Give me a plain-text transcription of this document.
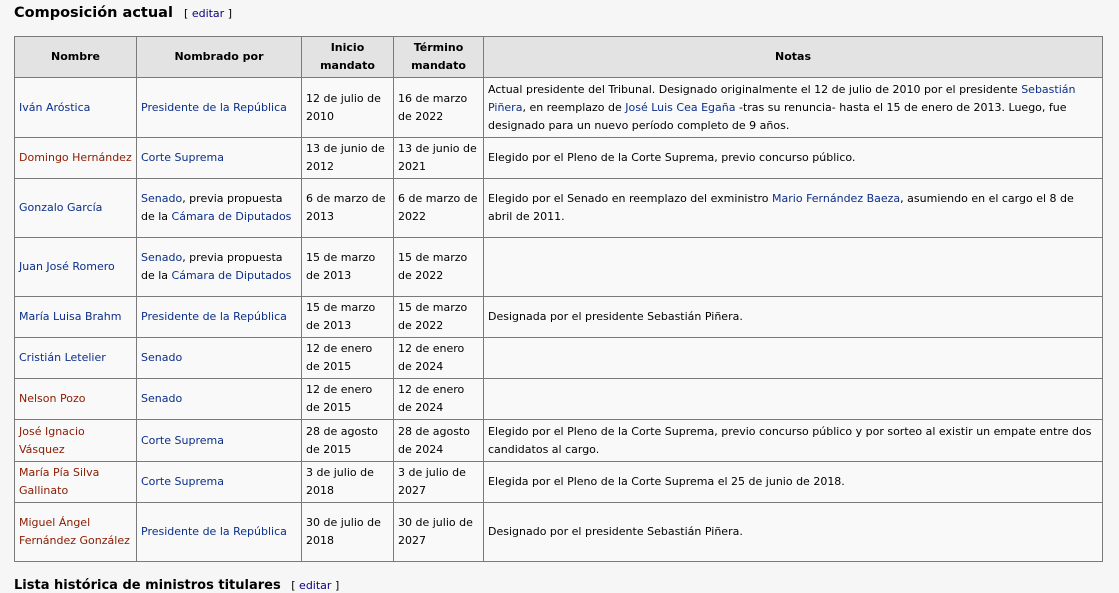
Composición actual [ editar ]
Nombre	Nombrado por	Inicio mandato	Término mandato	Notas
Iván Aróstica	Presidente de la República	12 de julio de 2010	16 de marzo de 2022	Actual presidente del Tribunal. Designado originalmente el 12 de julio de 2010 por el presidente Sebastián Piñera, en reemplazo de José Luis Cea Egaña -tras su renuncia- hasta el 15 de enero de 2013. Luego, fue designado para un nuevo período completo de 9 años.
Domingo Hernández	Corte Suprema	13 de junio de 2012	13 de junio de 2021	Elegido por el Pleno de la Corte Suprema, previo concurso público.
Gonzalo García	Senado, previa propuesta de la Cámara de Diputados	6 de marzo de 2013	6 de marzo de 2022	Elegido por el Senado en reemplazo del exministro Mario Fernández Baeza, asumiendo en el cargo el 8 de abril de 2011.
Juan José Romero	Senado, previa propuesta de la Cámara de Diputados	15 de marzo de 2013	15 de marzo de 2022	
María Luisa Brahm	Presidente de la República	15 de marzo de 2013	15 de marzo de 2022	Designada por el presidente Sebastián Piñera.
Cristián Letelier	Senado	12 de enero de 2015	12 de enero de 2024	
Nelson Pozo	Senado	12 de enero de 2015	12 de enero de 2024	
José Ignacio Vásquez	Corte Suprema	28 de agosto de 2015	28 de agosto de 2024	Elegido por el Pleno de la Corte Suprema, previo concurso público y por sorteo al existir un empate entre dos candidatos al cargo.
María Pía Silva Gallinato	Corte Suprema	3 de julio de 2018	3 de julio de 2027	Elegida por el Pleno de la Corte Suprema el 25 de junio de 2018.
Miguel Ángel Fernández González	Presidente de la República	30 de julio de 2018	30 de julio de 2027	Designado por el presidente Sebastián Piñera.
Lista histórica de ministros titulares [ editar ]
